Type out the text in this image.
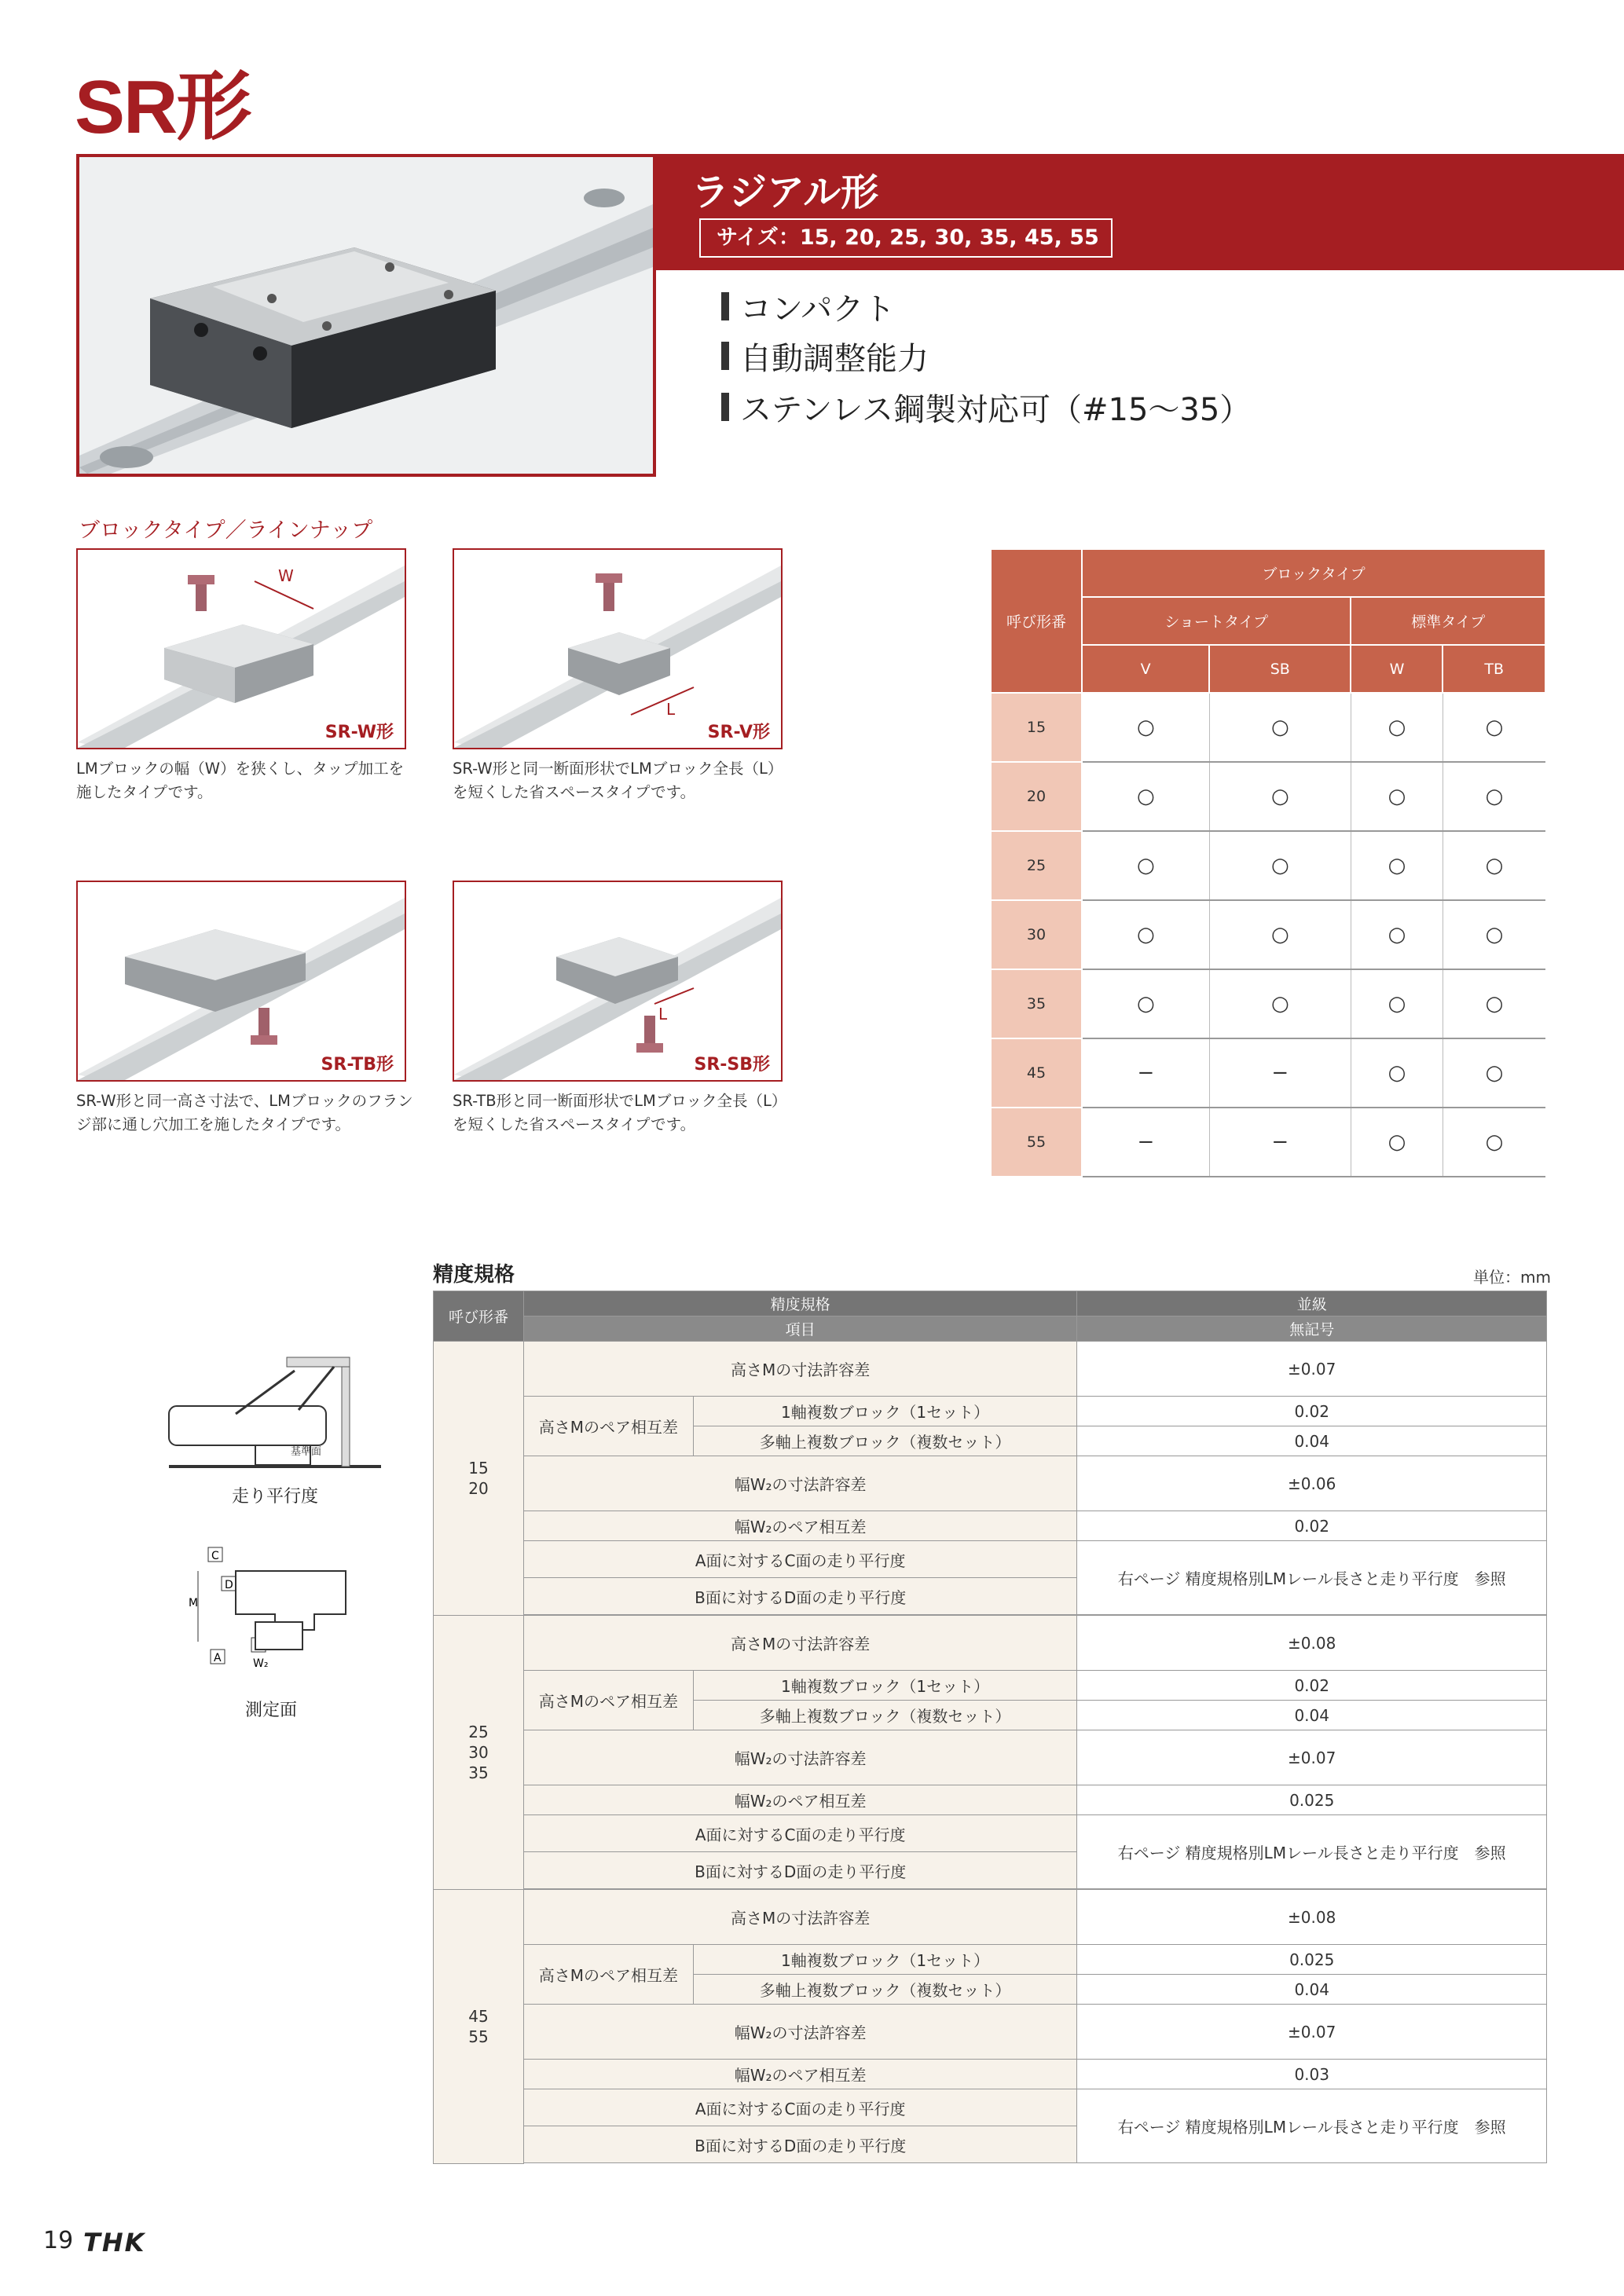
SR形
ラジアル形
サイズ：15, 20, 25, 30, 35, 45, 55
コンパクト
自動調整能力
ステンレス鋼製対応可（#15〜35）
ブロックタイプ／ラインナップ
W
SR-W形
LMブロックの幅（W）を狭くし、タップ加工を施したタイプです。
L
SR-V形
SR-W形と同一断面形状でLMブロック全長（L）を短くした省スペースタイプです。
SR-TB形
SR-W形と同一高さ寸法で、LMブロックのフランジ部に通し穴加工を施したタイプです。
L
SR-SB形
SR-TB形と同一断面形状でLMブロック全長（L）を短くした省スペースタイプです。
呼び形番	ブロックタイプ			
	ショートタイプ		標準タイプ	
	V	SB	W	TB
15	○	○	○	○
20	○	○	○	○
25	○	○	○	○
30	○	○	○	○
35	○	○	○	○
45	−	−	○	○
55	−	−	○	○
精度規格	単位：mm
基準面
走り平行度
C
D
M
A	W₂
測定面
呼び形番	精度規格		並級
	項目		無記号

15
20	高さMの寸法許容差		±0.07
	高さMのペア相互差	1軸複数ブロック（1セット）	0.02
		多軸上複数ブロック（複数セット）	0.04
	幅W₂の寸法許容差		±0.06
	幅W₂のペア相互差		0.02
	A面に対するC面の走り平行度		右ページ 精度規格別LMレール長さと走り平行度　参照
	B面に対するD面の走り平行度		

25
30
35	高さMの寸法許容差		±0.08
	高さMのペア相互差	1軸複数ブロック（1セット）	0.02
		多軸上複数ブロック（複数セット）	0.04
	幅W₂の寸法許容差		±0.07
	幅W₂のペア相互差		0.025
	A面に対するC面の走り平行度		右ページ 精度規格別LMレール長さと走り平行度　参照
	B面に対するD面の走り平行度		

45
55	高さMの寸法許容差		±0.08
	高さMのペア相互差	1軸複数ブロック（1セット）	0.025
		多軸上複数ブロック（複数セット）	0.04
	幅W₂の寸法許容差		±0.07
	幅W₂のペア相互差		0.03
	A面に対するC面の走り平行度		右ページ 精度規格別LMレール長さと走り平行度　参照
	B面に対するD面の走り平行度		

19 THK
